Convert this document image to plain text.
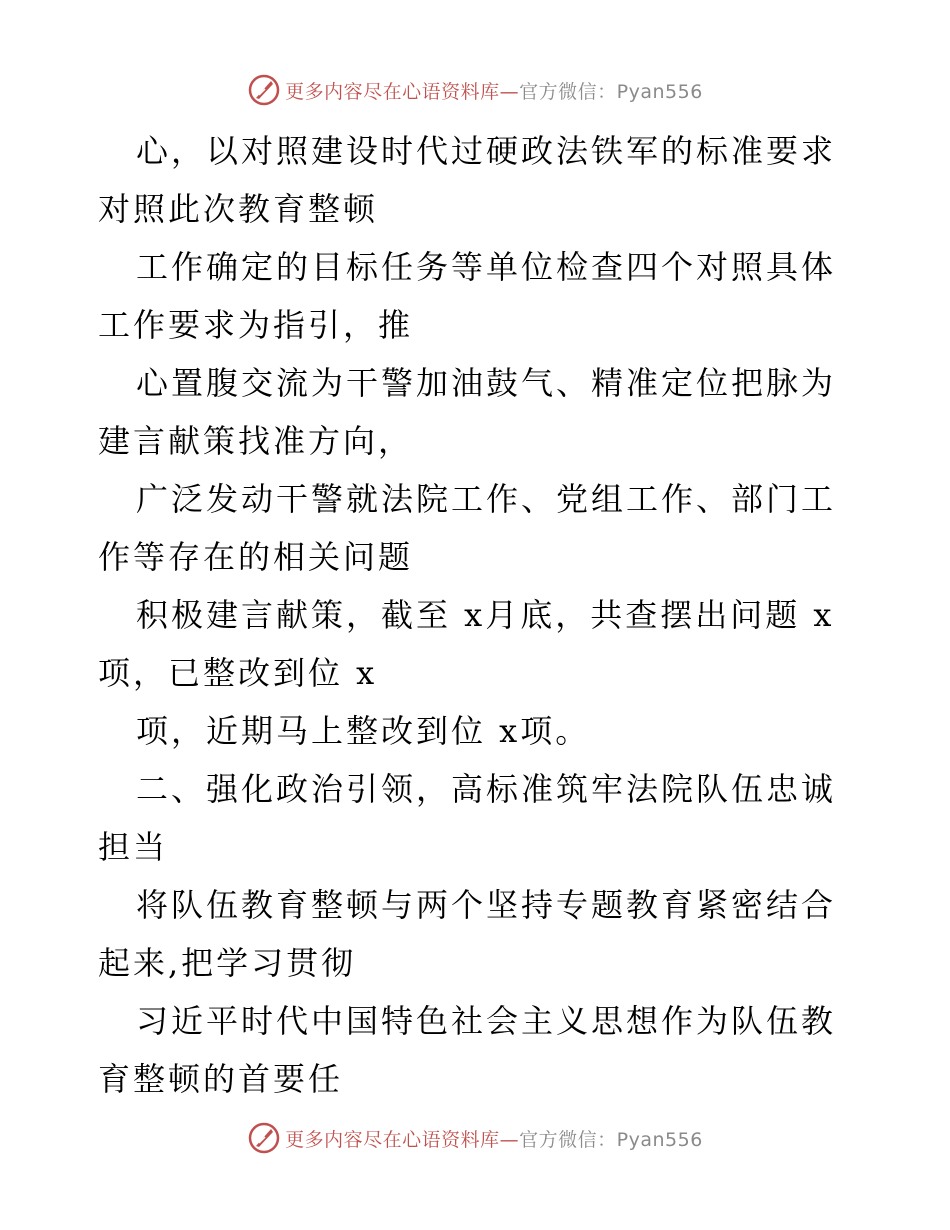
更多内容尽在心语资料库— 官方微信：Pyan556

心，以对照建设时代过硬政法铁军的标准要求对照此次教育整顿

工作确定的目标任务等单位检查四个对照具体工作要求为指引，推

心置腹交流为干警加油鼓气、精准定位把脉为建言献策找准方向，

广泛发动干警就法院工作、党组工作、部门工作等存在的相关问题

积极建言献策，截至 x月底，共查摆出问题 x项，已整改到位 x

项，近期马上整改到位 x项。

二、强化政治引领，高标准筑牢法院队伍忠诚担当

将队伍教育整顿与两个坚持专题教育紧密结合起来,把学习贯彻

习近平时代中国特色社会主义思想作为队伍教育整顿的首要任

更多内容尽在心语资料库— 官方微信：Pyan556
